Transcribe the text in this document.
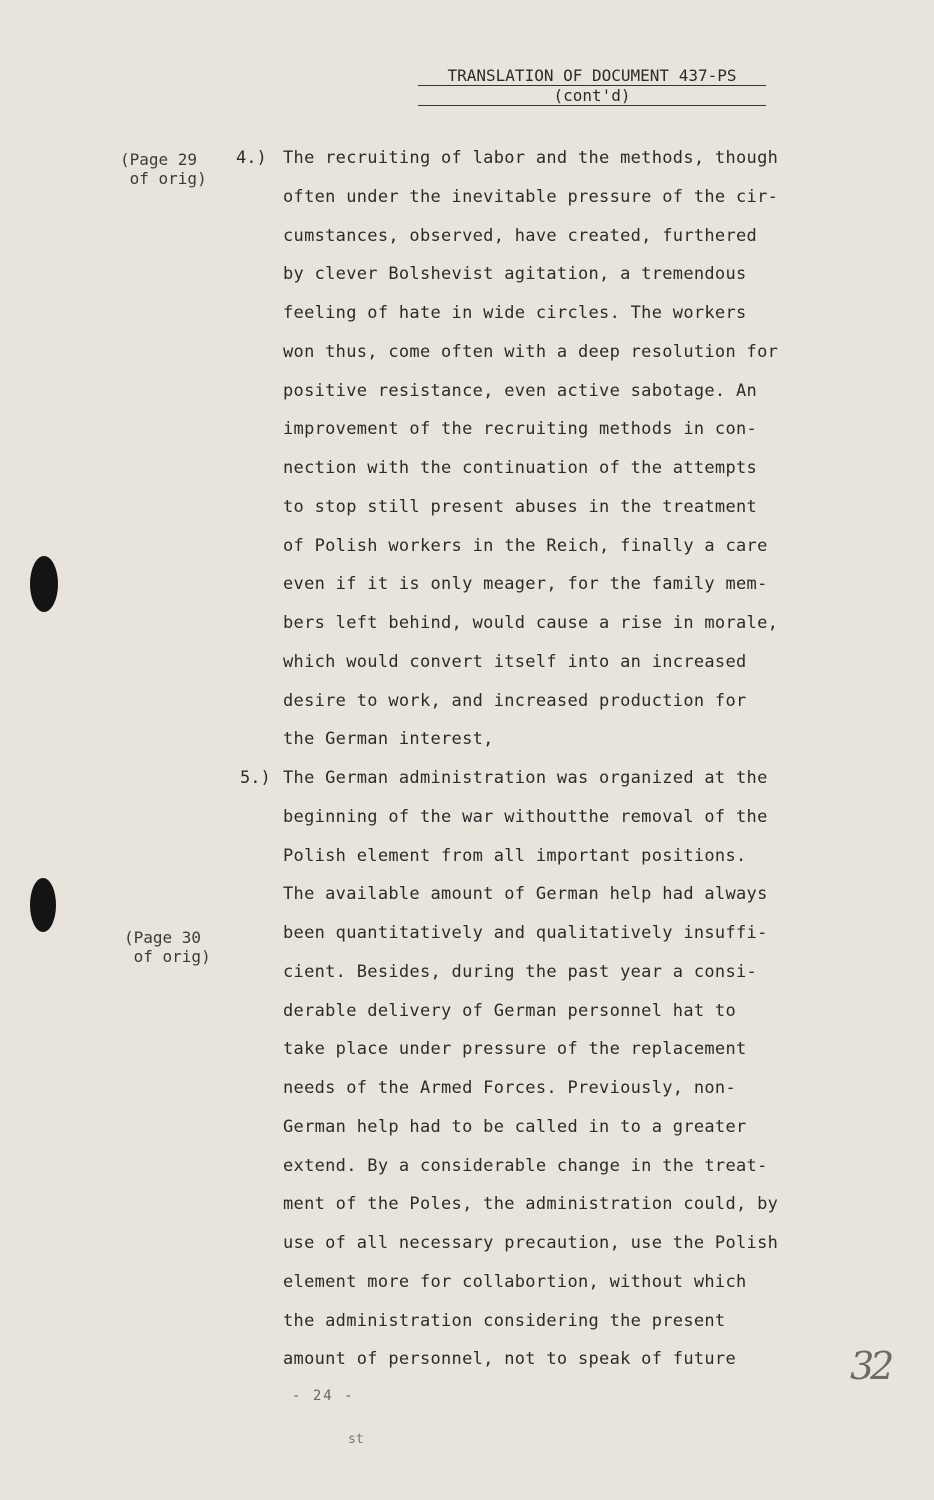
TRANSLATION OF DOCUMENT 437-PS
(cont'd)
(Page 29
of orig)
(Page 30
of orig)
4.)
5.)
The recruiting of labor and the methods, though
often under the inevitable pressure of the cir-
cumstances, observed, have created, furthered
by clever Bolshevist agitation, a tremendous
feeling of hate in wide circles. The workers
won thus, come often with a deep resolution for
positive resistance, even active sabotage. An
improvement of the recruiting methods in con-
nection with the continuation of the attempts
to stop still present abuses in the treatment
of Polish workers in the Reich, finally a care
even if it is only meager, for the family mem-
bers left behind, would cause a rise in morale,
which would convert itself into an increased
desire to work, and increased production for
the German interest,
The German administration was organized at the
beginning of the war withoutthe removal of the
Polish element from all important positions.
The available amount of German help had always
been quantitatively and qualitatively insuffi-
cient. Besides, during the past year a consi-
derable delivery of German personnel hat to
take place under pressure of the replacement
needs of the Armed Forces. Previously, non-
German help had to be called in to a greater
extend. By a considerable change in the treat-
ment of the Poles, the administration could, by
use of all necessary precaution, use the Polish
element more for collabortion, without which
the administration considering the present
amount of personnel, not to speak of future
- 24 -
st
32
